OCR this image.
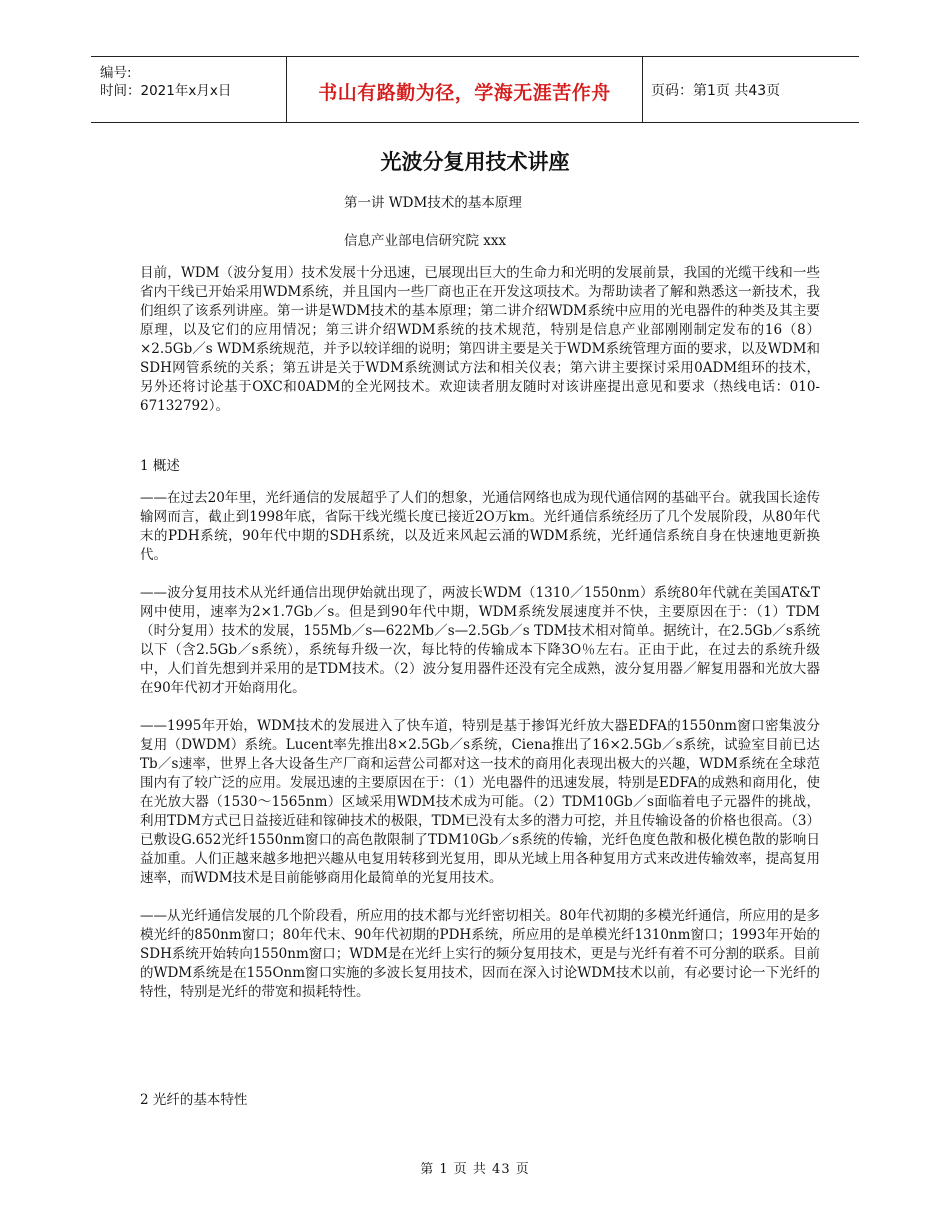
编号:
时间：2021年x月x日	书山有路勤为径，学海无涯苦作舟	页码：第1页 共43页
光波分复用技术讲座
第一讲 WDM技术的基本原理
信息产业部电信研究院 xxx

目前，WDM（波分复用）技术发展十分迅速，已展现出巨大的生命力和光明的发展前景，我国的光缆干线和一些省内干线已开始采用WDM系统，并且国内一些厂商也正在开发这项技术。为帮助读者了解和熟悉这一新技术，我们组织了该系列讲座。第一讲是WDM技术的基本原理；第二讲介绍WDM系统中应用的光电器件的种类及其主要原理，以及它们的应用情况；第三讲介绍WDM系统的技术规范，特别是信息产业部刚刚制定发布的16（8）×2.5Gb／s WDM系统规范，并予以较详细的说明；第四讲主要是关于WDM系统管理方面的要求，以及WDM和SDH网管系统的关系；第五讲是关于WDM系统测试方法和相关仪表；第六讲主要探讨采用0ADM组环的技术，另外还将讨论基于OXC和0ADM的全光网技术。欢迎读者朋友随时对该讲座提出意见和要求（热线电话：010-67132792）。

1 概述

——在过去20年里，光纤通信的发展超乎了人们的想象，光通信网络也成为现代通信网的基础平台。就我国长途传输网而言，截止到1998年底，省际干线光缆长度已接近2O万km。光纤通信系统经历了几个发展阶段，从80年代末的PDH系统，90年代中期的SDH系统，以及近来风起云涌的WDM系统，光纤通信系统自身在快速地更新换代。

——波分复用技术从光纤通信出现伊始就出现了，两波长WDM（1310／1550nm）系统80年代就在美国AT&T网中使用，速率为2×1.7Gb／s。但是到90年代中期，WDM系统发展速度并不快，主要原因在于：（1）TDM（时分复用）技术的发展，155Mb／s—622Mb／s—2.5Gb／s TDM技术相对简单。据统计，在2.5Gb／s系统以下（含2.5Gb／s系统），系统每升级一次，每比特的传输成本下降3O％左右。正由于此，在过去的系统升级中，人们首先想到并采用的是TDM技术。（2）波分复用器件还没有完全成熟，波分复用器／解复用器和光放大器在90年代初才开始商用化。

——1995年开始，WDM技术的发展进入了快车道，特别是基于掺饵光纤放大器EDFA的1550nm窗口密集波分复用（DWDM）系统。Lucent率先推出8×2.5Gb／s系统，Ciena推出了16×2.5Gb／s系统，试验室目前已达Tb／s速率，世界上各大设备生产厂商和运营公司都对这一技术的商用化表现出极大的兴趣，WDM系统在全球范围内有了较广泛的应用。发展迅速的主要原因在于：（1）光电器件的迅速发展，特别是EDFA的成熟和商用化，使在光放大器（1530～1565nm）区域采用WDM技术成为可能。（2）TDM10Gb／s面临着电子元器件的挑战，利用TDM方式已日益接近硅和镓砷技术的极限，TDM已没有太多的潜力可挖，并且传输设备的价格也很高。（3）已敷设G.652光纤1550nm窗口的高色散限制了TDM10Gb／s系统的传输，光纤色度色散和极化模色散的影响日益加重。人们正越来越多地把兴趣从电复用转移到光复用，即从光域上用各种复用方式来改进传输效率，提高复用速率，而WDM技术是目前能够商用化最简单的光复用技术。

——从光纤通信发展的几个阶段看，所应用的技术都与光纤密切相关。80年代初期的多模光纤通信，所应用的是多模光纤的850nm窗口；80年代末、90年代初期的PDH系统，所应用的是单模光纤1310nm窗口；1993年开始的SDH系统开始转向1550nm窗口；WDM是在光纤上实行的频分复用技术，更是与光纤有着不可分割的联系。目前的WDM系统是在155Onm窗口实施的多波长复用技术，因而在深入讨论WDM技术以前，有必要讨论一下光纤的特性，特别是光纤的带宽和损耗特性。

2 光纤的基本特性
第 1 页 共 43 页
